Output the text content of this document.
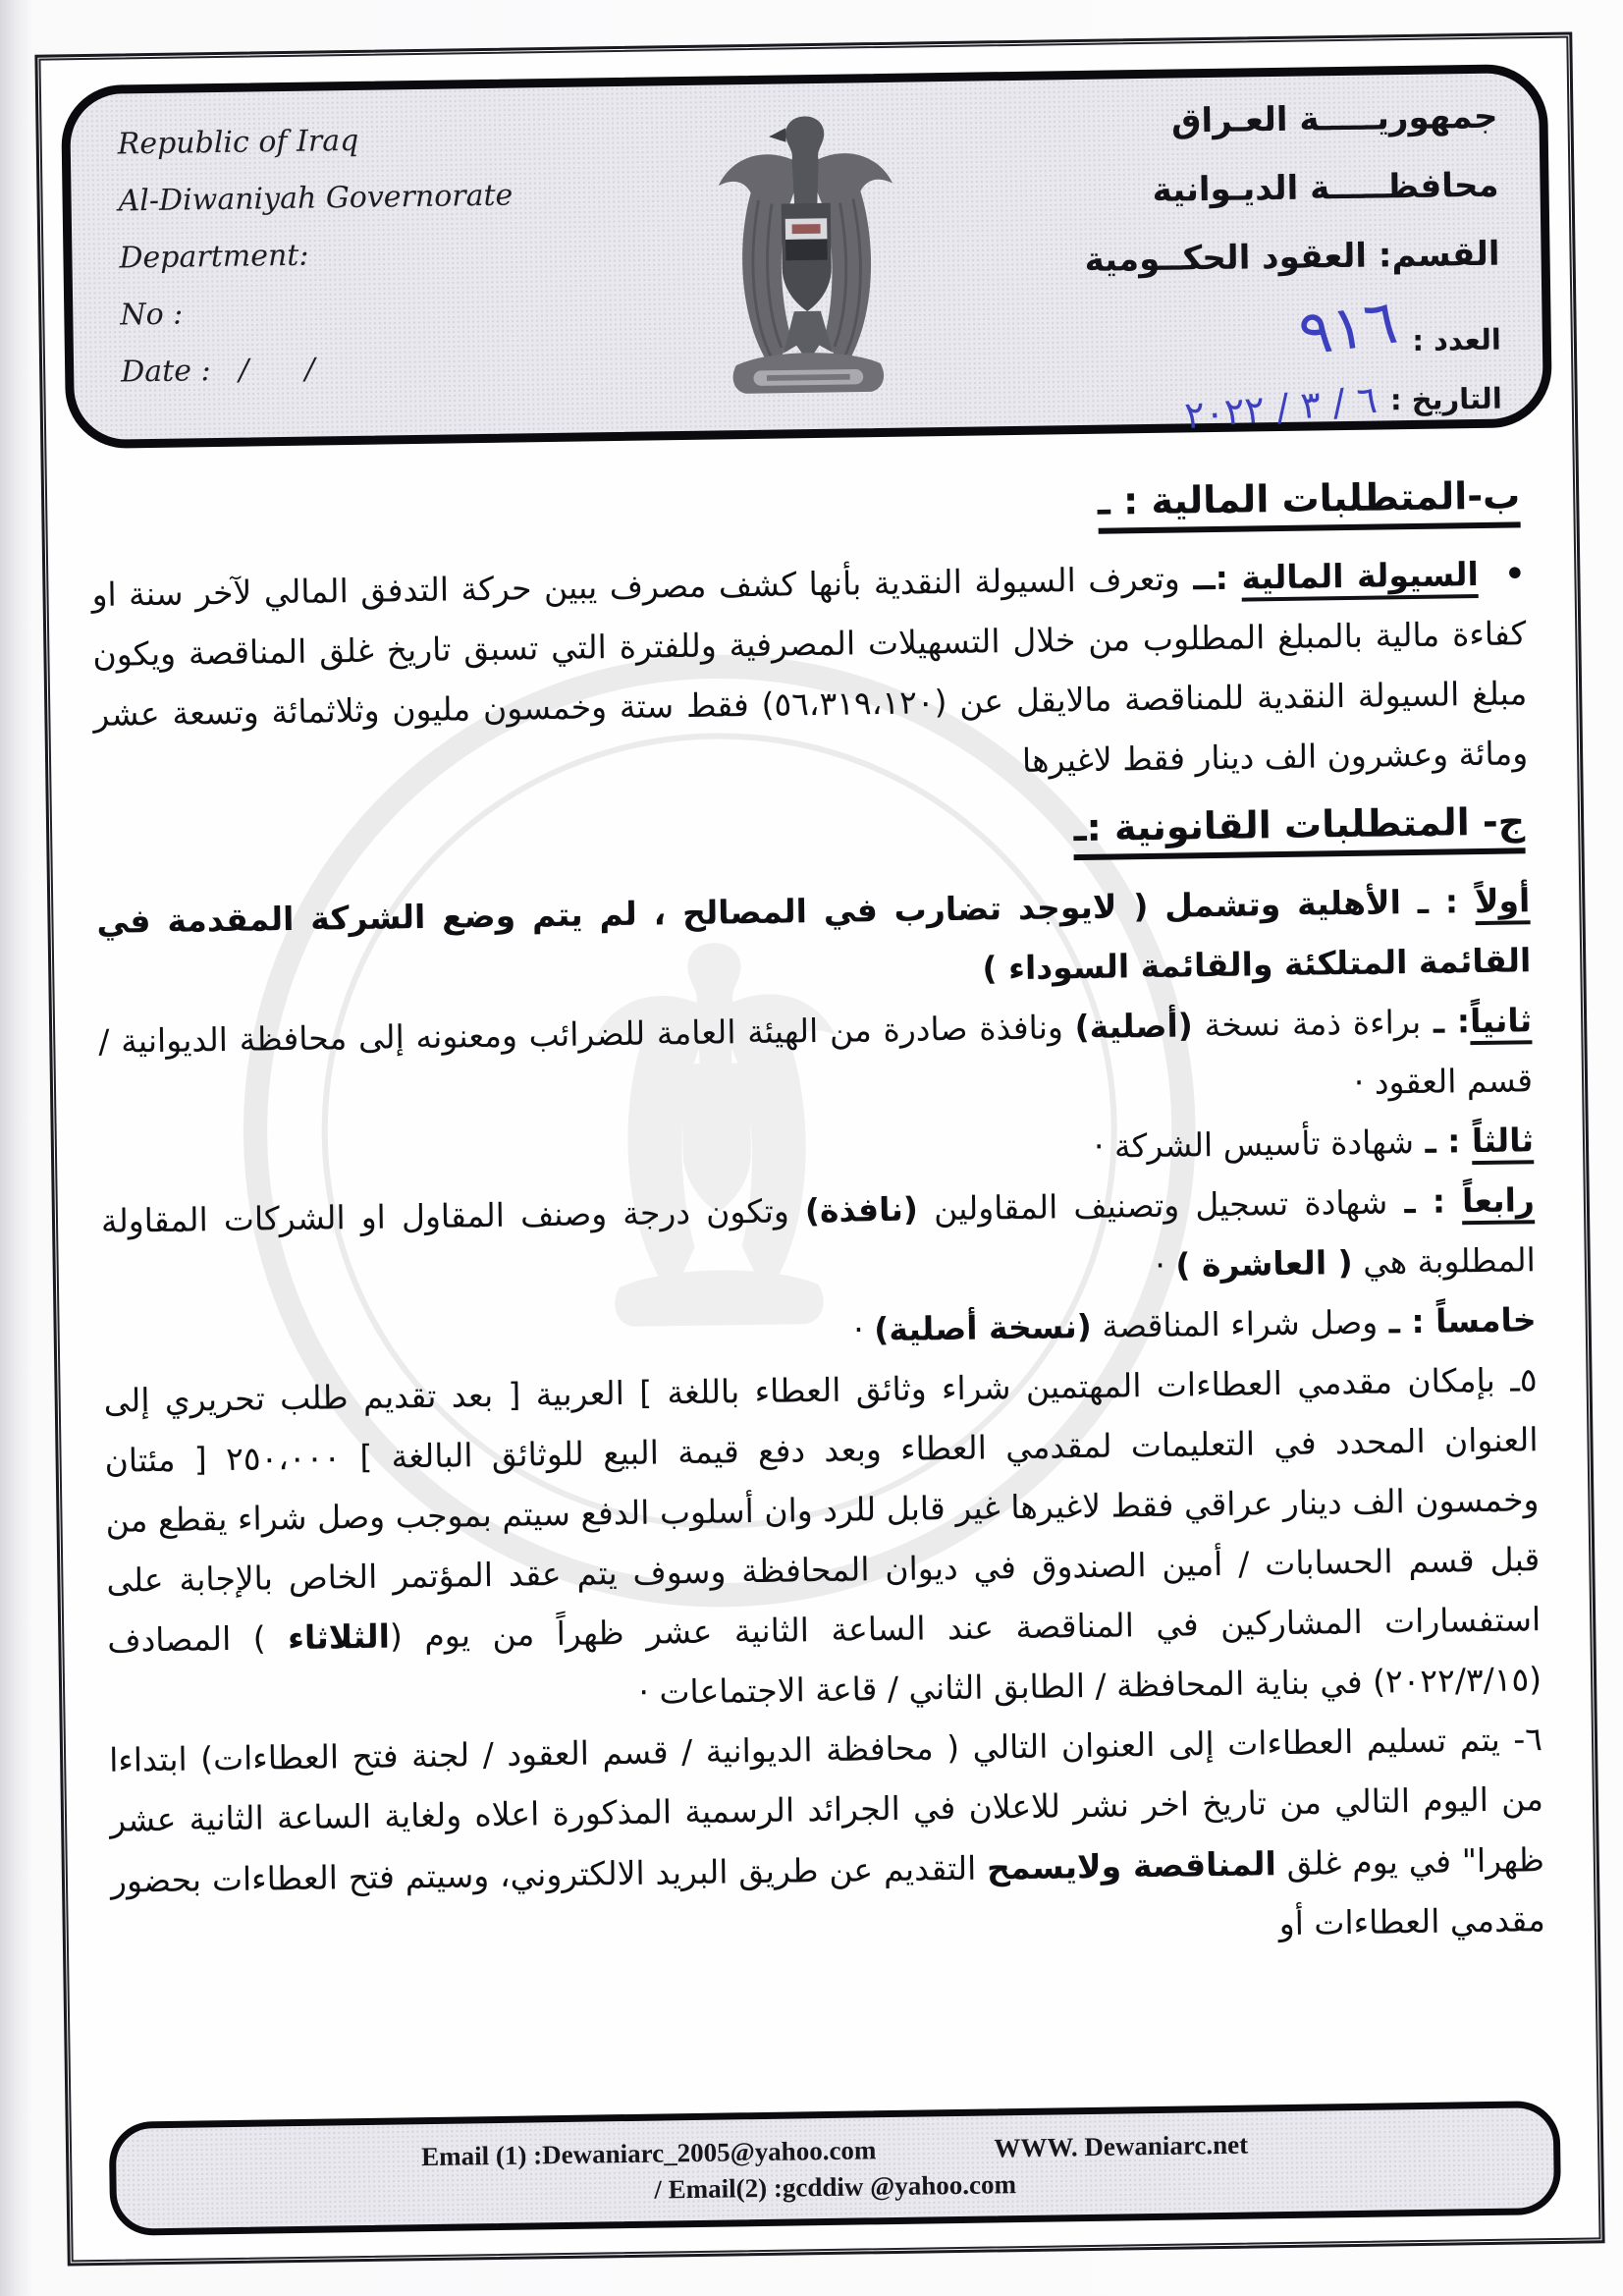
Republic of Iraq
Al-Diwaniyah Governorate
Department:
No :
Date :   /      /
جمهوريـــــة العـراق
محافظـــــة الديـوانية
القسم: العقود الحكــومية
العدد :
٩١٦
التاريخ :
٦ / ٣ / ٢٠٢٢
ب-المتطلبات المالية : ـ

• السيولة المالية :ــ وتعرف السيولة النقدية بأنها كشف مصرف يبين حركة التدفق المالي لآخر سنة او كفاءة مالية بالمبلغ المطلوب من خلال التسهيلات المصرفية وللفترة التي تسبق تاريخ غلق المناقصة ويكون مبلغ السيولة النقدية للمناقصة مالايقل عن (٥٦،٣١٩،١٢٠) فقط ستة وخمسون مليون وثلاثمائة وتسعة عشر ومائة وعشرون الف دينار فقط لاغيرها

ج- المتطلبات القانونية :ـ

أولاً : ـ الأهلية وتشمل ( لايوجد تضارب في المصالح ، لم يتم وضع الشركة المقدمة في القائمة المتلكئة والقائمة السوداء )

ثانياً: ـ براءة ذمة نسخة (أصلية) ونافذة صادرة من الهيئة العامة للضرائب ومعنونه إلى محافظة الديوانية / قسم العقود ·

ثالثاً : ـ شهادة تأسيس الشركة ·

رابعاً : ـ شهادة تسجيل وتصنيف المقاولين (نافذة) وتكون درجة وصنف المقاول او الشركات المقاولة المطلوبة هي ( العاشرة ) ·

خامساً : ـ وصل شراء المناقصة (نسخة أصلية) ·

٥ـ بإمكان مقدمي العطاءات المهتمين شراء وثائق العطاء باللغة ] العربية [ بعد تقديم طلب تحريري إلى العنوان المحدد في التعليمات لمقدمي العطاء وبعد دفع قيمة البيع للوثائق البالغة ] ٢٥٠،٠٠٠ [ مئتان وخمسون الف دينار عراقي فقط لاغيرها غير قابل للرد وان أسلوب الدفع سيتم بموجب وصل شراء يقطع من قبل قسم الحسابات / أمين الصندوق في ديوان المحافظة وسوف يتم عقد المؤتمر الخاص بالإجابة على استفسارات المشاركين في المناقصة عند الساعة الثانية عشر ظهراً من يوم (الثلاثاء ) المصادف (٢٠٢٢/٣/١٥) في بناية المحافظة / الطابق الثاني / قاعة الاجتماعات ·

٦- يتم تسليم العطاءات إلى العنوان التالي ( محافظة الديوانية / قسم العقود / لجنة فتح العطاءات) ابتداءا من اليوم التالي من تاريخ اخر نشر للاعلان في الجرائد الرسمية المذكورة اعلاه ولغاية الساعة الثانية عشر ظهرا" في يوم غلق المناقصة ولايسمح التقديم عن طريق البريد الالكتروني، وسيتم فتح العطاءات بحضور مقدمي العطاءات أو

Email (1) :Dewaniarc_2005@yahoo.com	WWW. Dewaniarc.net
/ Email(2) :gcddiw @yahoo.com
